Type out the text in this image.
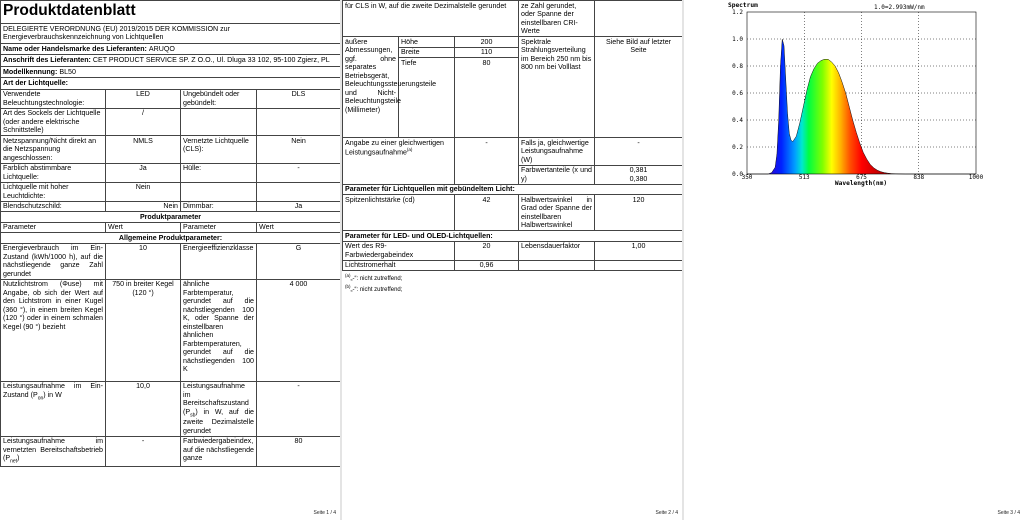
Produktdatenblatt			
DELEGIERTE VERORDNUNG (EU) 2019/2015 DER KOMMISSION zur Energieverbrauchskennzeichnung von Lichtquellen			
Name oder Handelsmarke des Lieferanten: ARUQO			
Anschrift des Lieferanten: CET PRODUCT SERVICE SP. Z O.O., Ul. Dluga 33 102, 95-100 Zgierz, PL			
Modellkennung: BL50			
Art der Lichtquelle:			
Verwendete Beleuchtungstechnologie:	LED	Ungebündelt oder gebündelt:	DLS
Art des Sockels der Lichtquelle (oder andere elektrische Schnittstelle)	/		
Netzspannung/Nicht direkt an die Netzspannung angeschlossen:	NMLS	Vernetzte Lichtquelle (CLS):	Nein
Farblich abstimmbare Lichtquelle:	Ja	Hülle:	-
Lichtquelle mit hoher Leuchtdichte:	Nein		
Blendschutzschild:	Nein	Dimmbar:	Ja
Produktparameter			
Parameter	Wert	Parameter	Wert
Allgemeine Produktparameter:			
Energieverbrauch im Ein-Zustand (kWh/1000 h), auf die nächstliegende ganze Zahl gerundet	10	Energieeffizienzklasse	G
Nutzlichtstrom (Φuse) mit Angabe, ob sich der Wert auf den Lichtstrom in einer Kugel (360 °), in einem breiten Kegel (120 °) oder in einem schmalen Kegel (90 °) bezieht	750 in breiter Kegel (120 °)	ähnliche Farbtemperatur, gerundet auf die nächstliegenden 100 K, oder Spanne der einstellbaren ähnlichen Farbtemperaturen, gerundet auf die nächstliegenden 100 K	4 000
Leistungsaufnahme im Ein-Zustand $(P_{on})$ in W	10,0	Leistungsaufnahme im Bereitschaftszustand $(P_{sb})$ in W, auf die zweite Dezimalstelle gerundet	-
Leistungsaufnahme im vernetzten Bereitschaftsbetrieb $(P_{net})$	-	Farbwiedergabeindex, auf die nächstliegende ganze	80
Seite 1 / 4
für CLS in W, auf die zweite Dezimalstelle gerundet			ze Zahl gerundet, oder Spanne der einstellbaren CRI-Werte	
äußere Abmessungen, ggf. ohne separates Betriebsgerät, Beleuchtungssteuerungsteile und Nicht-Beleuchtungsteile (Millimeter)	Höhe	200	Spektrale Strahlungsverteilung im Bereich 250 nm bis 800 nm bei Volllast	Siehe Bild auf letzter Seite
	Breite	110		
	Tiefe	80		
Angabe zu einer gleichwertigen Leistungsaufnahme$^{(a)}$		-	Falls ja, gleichwertige Leistungsaufnahme (W)	-
			Farbwertanteile (x und y)	0,381
0,380

Parameter für Lichtquellen mit gebündeltem Licht:				
Spitzenlichtstärke (cd)		42	Halbwertswinkel in Grad oder Spanne der einstellbaren Halbwertswinkel	120
Parameter für LED- und OLED-Lichtquellen:				
Wert des R9-Farbwiedergabeindex		20	Lebensdauerfaktor	1,00
Lichtstromerhalt		0,96		
$^{(a)}$„-“: nicht zutreffend;
$^{(b)}$„-“: nicht zutreffend;
Seite 2 / 4
0.0
0.2
0.4
0.6
0.8
1.0
1.2
350	513	675	838	1000
Spectrum	1.0=2.993mW/nm
Wavelength(nm)
Seite 3 / 4
